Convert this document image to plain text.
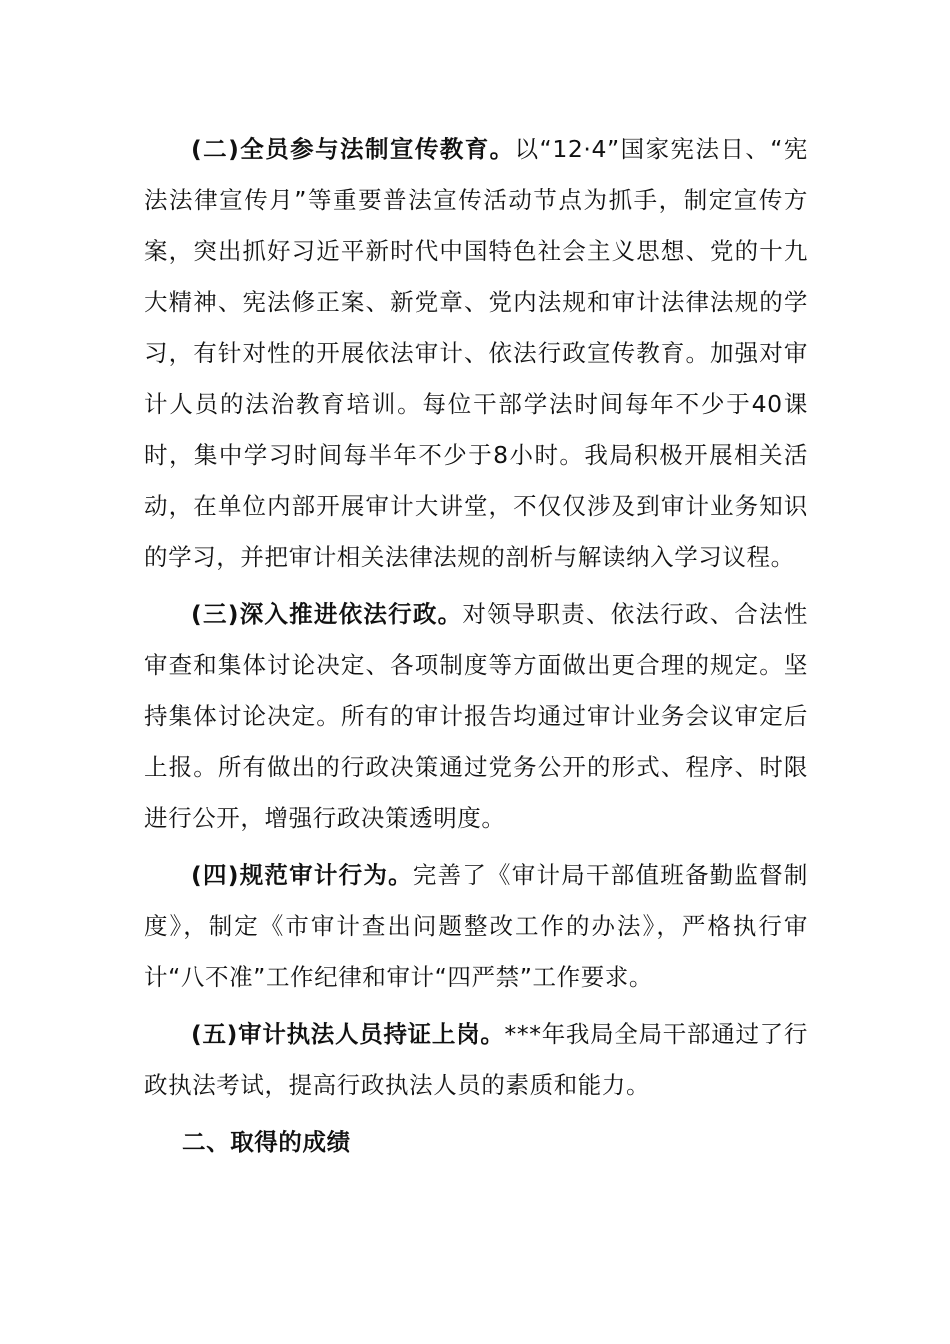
(二)全员参与法制宣传教育。以“12·4”国家宪法日、“宪法法律宣传月”等重要普法宣传活动节点为抓手，制定宣传方案，突出抓好习近平新时代中国特色社会主义思想、党的十九大精神、宪法修正案、新党章、党内法规和审计法律法规的学习，有针对性的开展依法审计、依法行政宣传教育。加强对审计人员的法治教育培训。每位干部学法时间每年不少于40课时，集中学习时间每半年不少于8小时。我局积极开展相关活动，在单位内部开展审计大讲堂，不仅仅涉及到审计业务知识的学习，并把审计相关法律法规的剖析与解读纳入学习议程。

(三)深入推进依法行政。对领导职责、依法行政、合法性审查和集体讨论决定、各项制度等方面做出更合理的规定。坚持集体讨论决定。所有的审计报告均通过审计业务会议审定后上报。所有做出的行政决策通过党务公开的形式、程序、时限进行公开，增强行政决策透明度。

(四)规范审计行为。完善了《审计局干部值班备勤监督制度》，制定《市审计查出问题整改工作的办法》，严格执行审计“八不准”工作纪律和审计“四严禁”工作要求。

(五)审计执法人员持证上岗。***年我局全局干部通过了行政执法考试，提高行政执法人员的素质和能力。

二、取得的成绩
